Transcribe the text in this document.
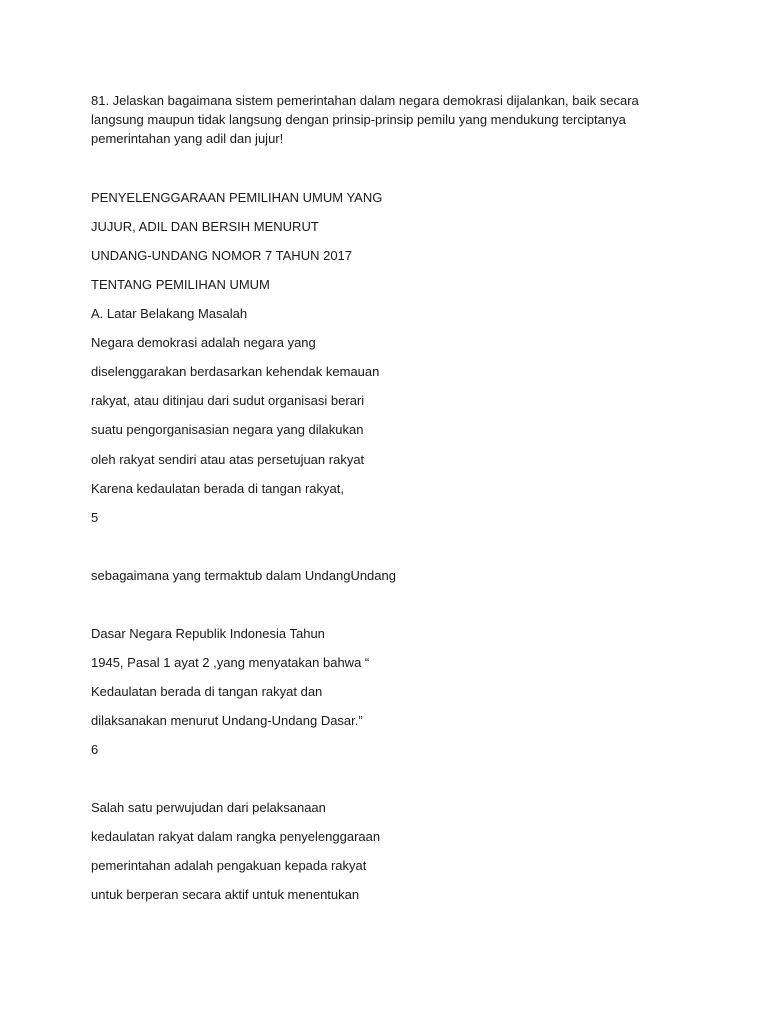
81. Jelaskan bagaimana sistem pemerintahan dalam negara demokrasi dijalankan, baik secara langsung maupun tidak langsung dengan prinsip-prinsip pemilu yang mendukung terciptanya pemerintahan yang adil dan jujur!

PENYELENGGARAAN PEMILIHAN UMUM YANG

JUJUR, ADIL DAN BERSIH MENURUT

UNDANG-UNDANG NOMOR 7 TAHUN 2017

TENTANG PEMILIHAN UMUM

A. Latar Belakang Masalah

Negara demokrasi adalah negara yang

diselenggarakan berdasarkan kehendak kemauan

rakyat, atau ditinjau dari sudut organisasi berari

suatu pengorganisasian negara yang dilakukan

oleh rakyat sendiri atau atas persetujuan rakyat

Karena kedaulatan berada di tangan rakyat,

5

sebagaimana yang termaktub dalam UndangUndang

Dasar Negara Republik Indonesia Tahun

1945, Pasal 1 ayat 2 ,yang menyatakan bahwa “

Kedaulatan berada di tangan rakyat dan

dilaksanakan menurut Undang-Undang Dasar.”

6

Salah satu perwujudan dari pelaksanaan

kedaulatan rakyat dalam rangka penyelenggaraan

pemerintahan adalah pengakuan kepada rakyat

untuk berperan secara aktif untuk menentukan
